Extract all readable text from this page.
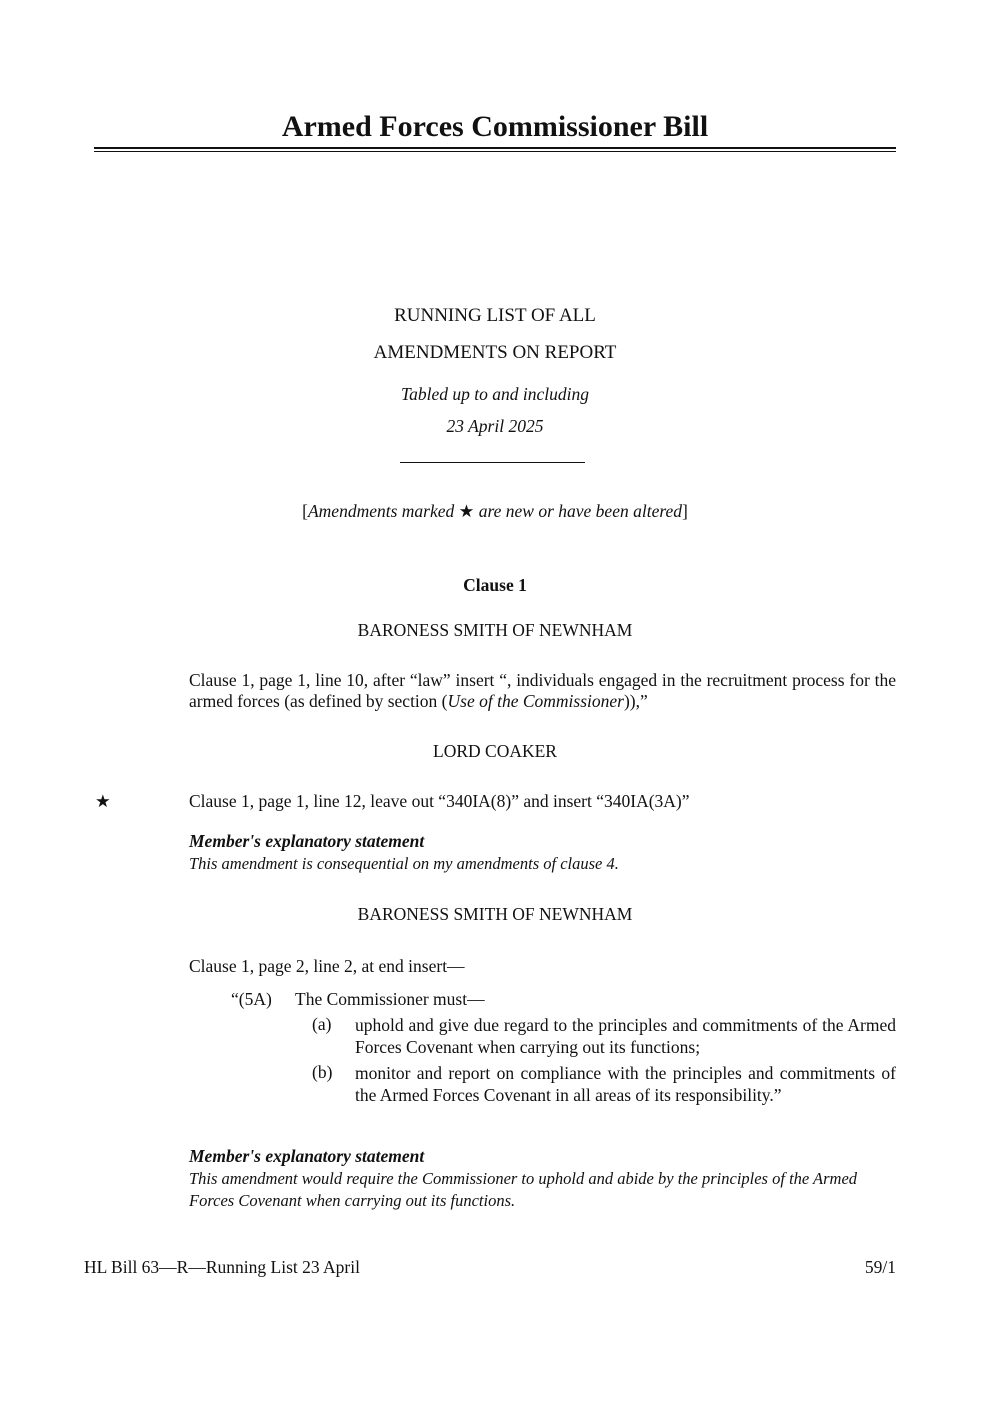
Armed Forces Commissioner Bill
RUNNING LIST OF ALL
AMENDMENTS ON REPORT
Tabled up to and including
23 April 2025
[Amendments marked ★ are new or have been altered]
Clause 1
BARONESS SMITH OF NEWNHAM
Clause 1, page 1, line 10, after “law” insert “, individuals engaged in the recruitment process for the armed forces (as defined by section (Use of the Commissioner)),”
LORD COAKER
★	Clause 1, page 1, line 12, leave out “340IA(8)” and insert “340IA(3A)”
Member's explanatory statement
This amendment is consequential on my amendments of clause 4.
BARONESS SMITH OF NEWNHAM
Clause 1, page 2, line 2, at end insert—
“(5A) The Commissioner must—
(a)	uphold and give due regard to the principles and commitments of the Armed Forces Covenant when carrying out its functions;
(b)	monitor and report on compliance with the principles and commitments of the Armed Forces Covenant in all areas of its responsibility.”
Member's explanatory statement
This amendment would require the Commissioner to uphold and abide by the principles of the Armed Forces Covenant when carrying out its functions.
HL Bill 63—R—Running List 23 April	59/1
